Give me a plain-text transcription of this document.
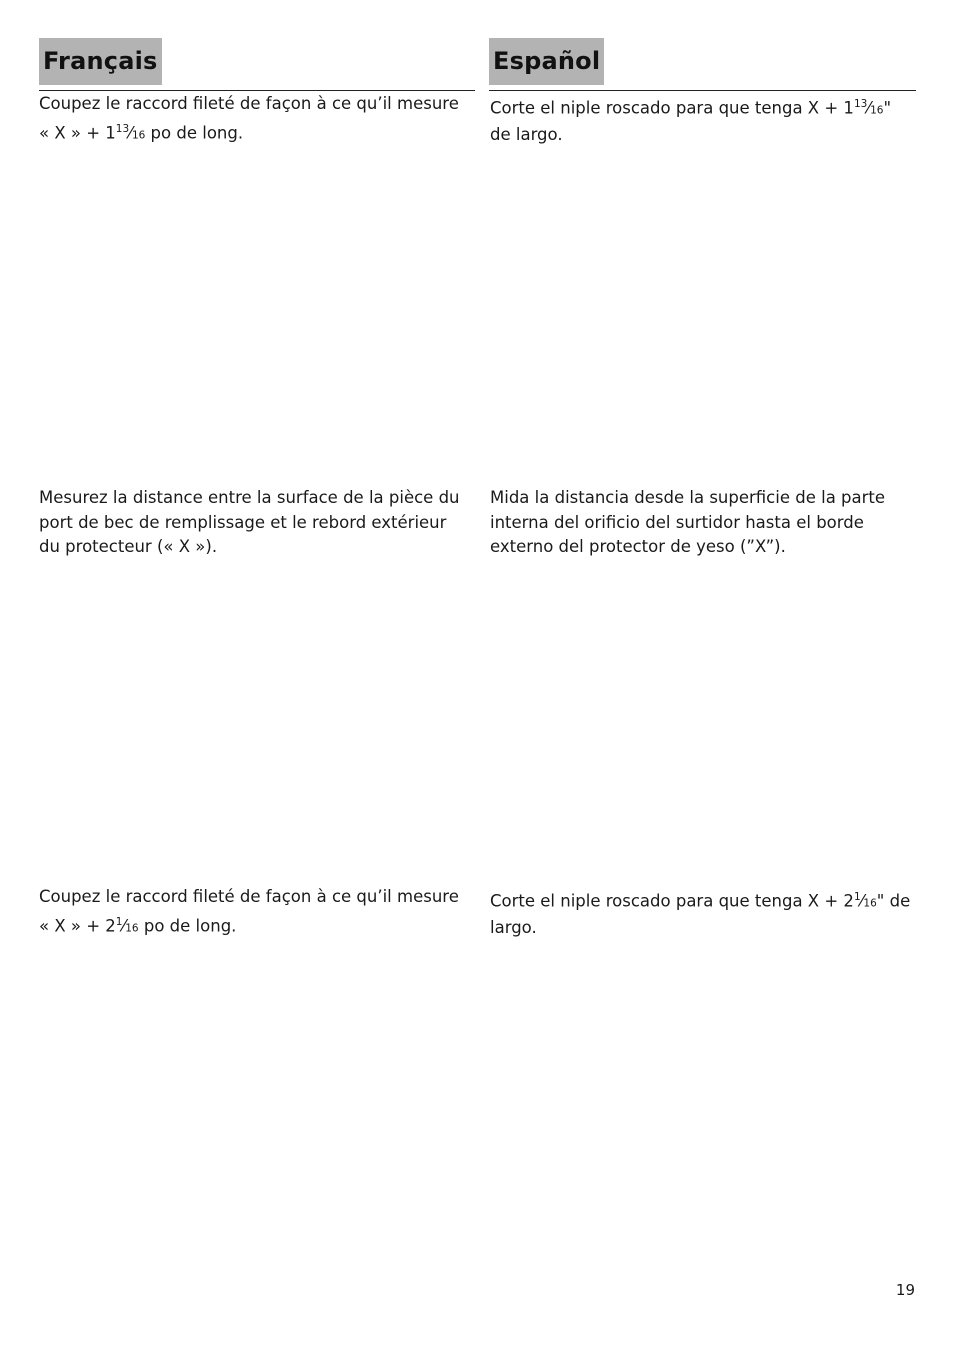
Français	Español

Coupez le raccord fileté de façon à ce qu’il mesure « X » + $1^{13}⁄16$ po de long.

Corte el niple roscado para que tenga $X + 1^{13}⁄16$" de largo.

Mesurez la distance entre la surface de la pièce du port de bec de remplissage et le rebord extérieur du protecteur (« X »).

Mida la distancia desde la superficie de la parte interna del orificio del surtidor hasta el borde externo del protector de yeso (”X”).

Coupez le raccord fileté de façon à ce qu’il mesure « X » + $2^1⁄16$ po de long.

Corte el niple roscado para que tenga $X + 2^1⁄16$" de largo.

19
